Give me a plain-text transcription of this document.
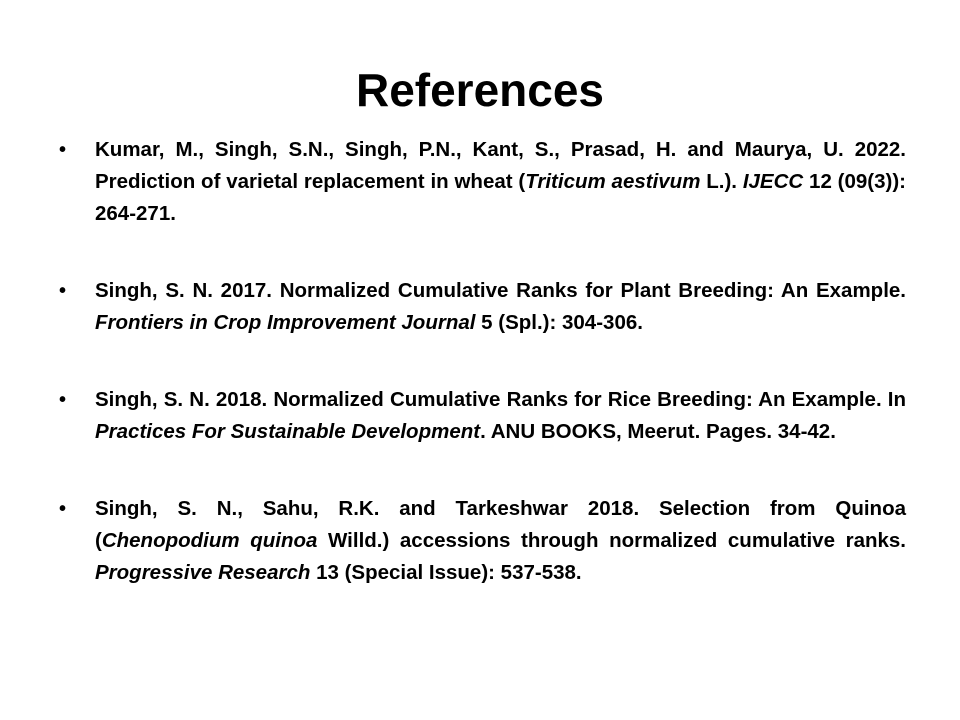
References
• Kumar, M., Singh, S.N., Singh, P.N., Kant, S., Prasad, H. and Maurya, U. 2022. Prediction of varietal replacement in wheat (Triticum aestivum L.). IJECC 12 (09(3)): 264-271.
• Singh, S. N. 2017. Normalized Cumulative Ranks for Plant Breeding: An Example. Frontiers in Crop Improvement Journal 5 (Spl.): 304-306.
• Singh, S. N. 2018. Normalized Cumulative Ranks for Rice Breeding: An Example. In Practices For Sustainable Development. ANU BOOKS, Meerut. Pages. 34-42.
• Singh, S. N., Sahu, R.K. and Tarkeshwar 2018. Selection from Quinoa (Chenopodium quinoa Willd.) accessions through normalized cumulative ranks. Progressive Research 13 (Special Issue): 537-538.
